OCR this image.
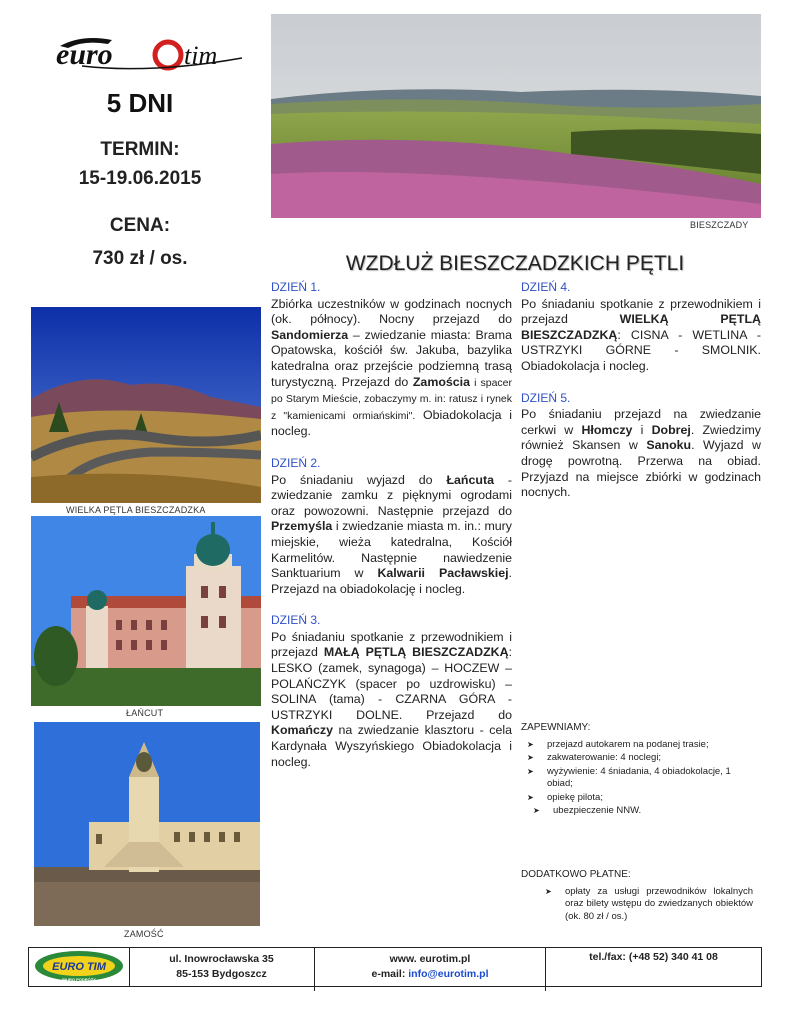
euro	tim
5 DNI
TERMIN:
15-19.06.2015
CENA:
730 zł / os.
BIESZCZADY
WIELKA PĘTLA BIESZCZADZKA
ŁAŃCUT
ZAMOŚĆ
WZDŁUŻ BIESZCZADZKICH PĘTLI
DZIEŃ 1.

Zbiórka uczestników w godzinach nocnych (ok. północy). Nocny przejazd do Sandomierza – zwiedzanie miasta: Brama Opatowska, kościół św. Jakuba, bazylika katedralna oraz przejście podziemną trasą turystyczną. Przejazd do Zamościa i spacer po Starym Mieście, zobaczymy m. in: ratusz i rynek z "kamienicami ormiańskimi". Obiadokolacja i nocleg.

DZIEŃ 2.

Po śniadaniu wyjazd do Łańcuta - zwiedzanie zamku z pięknymi ogrodami oraz powozowni. Następnie przejazd do Przemyśla i zwiedzanie miasta m. in.: mury miejskie, wieża katedralna, Kościół Karmelitów. Następnie nawiedzenie Sanktuarium w Kalwarii Pacławskiej. Przejazd na obiadokolację i nocleg.

DZIEŃ 3.

Po śniadaniu spotkanie z przewodnikiem i przejazd MAŁĄ PĘTLĄ BIESZCZADZKĄ: LESKO (zamek, synagoga) – HOCZEW – POLAŃCZYK (spacer po uzdrowisku) – SOLINA (tama) - CZARNA GÓRA - USTRZYKI DOLNE. Przejazd do Komańczy na zwiedzanie klasztoru - cela Kardynała Wyszyńskiego Obiadokolacja i nocleg.

DZIEŃ 4.

Po śniadaniu spotkanie z przewodnikiem i przejazd WIELKĄ PĘTLĄ BIESZCZADZKĄ: CISNA - WETLINA - USTRZYKI GÓRNE - SMOLNIK. Obiadokolacja i nocleg.

DZIEŃ 5.

Po śniadaniu przejazd na zwiedzanie cerkwi w Hłomczy i Dobrej. Zwiedzimy również Skansen w Sanoku. Wyjazd w drogę powrotną. Przerwa na obiad. Przyjazd na miejsce zbiórki w godzinach nocnych.

ZAPEWNIAMY:
➤ przejazd autokarem na podanej trasie;
➤ zakwaterowanie: 4 noclegi;
➤ wyżywienie: 4 śniadania, 4 obiadokolacje, 1 obiad;
➤ opiekę pilota;
➤ ubezpieczenie NNW.
DODATKOWO PŁATNE:
➤ opłaty za usługi przewodników lokalnych oraz bilety wstępu do zwiedzanych obiektów (ok. 80 zł / os.)
EURO TIM
BIURO PODRÓŻY
ul. Inowrocławska 35
85-153 Bydgoszcz
www. eurotim.pl
e-mail: info@eurotim.pl
tel./fax: (+48 52) 340 41 08
